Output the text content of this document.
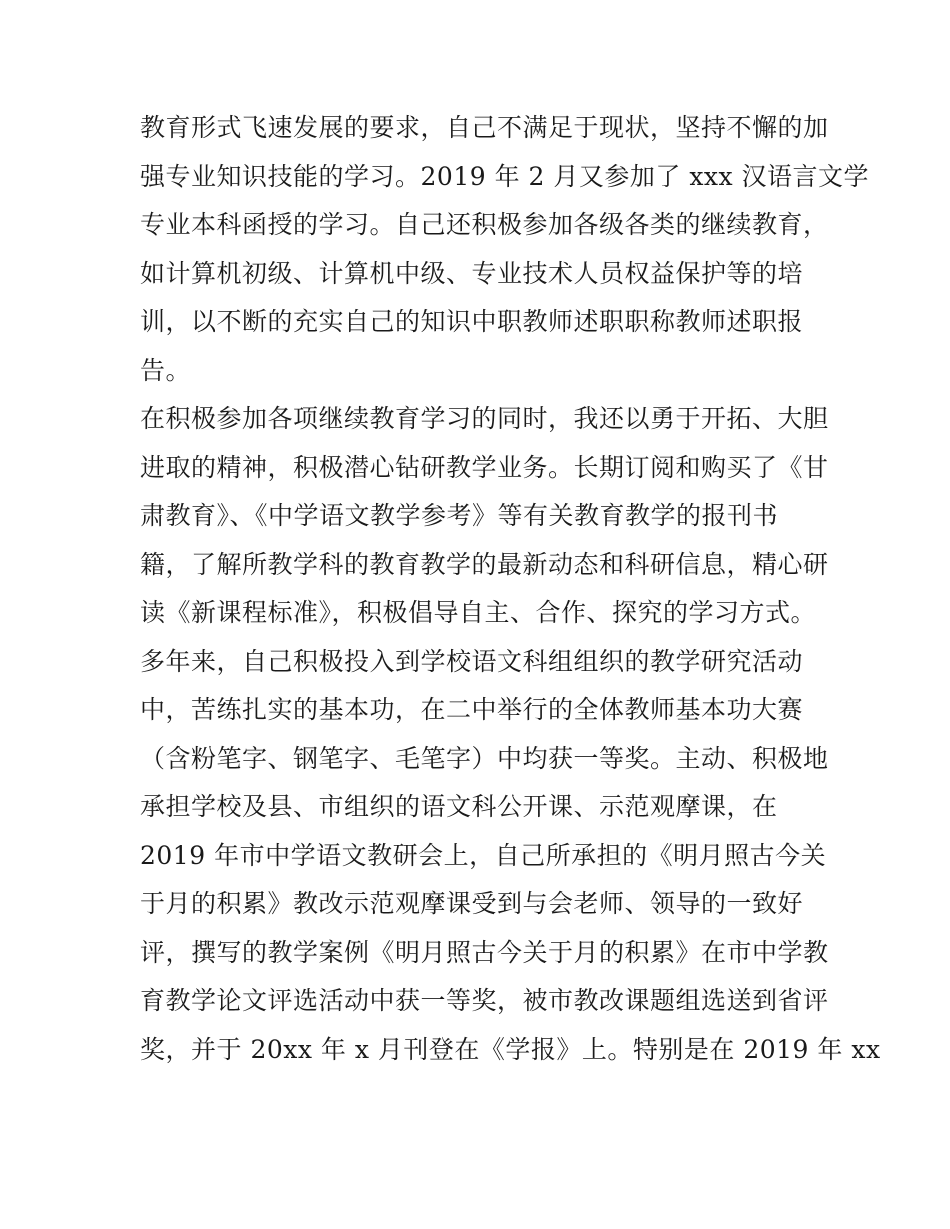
教育形式飞速发展的要求，自己不满足于现状，坚持不懈的加
强专业知识技能的学习。2019 年 2 月又参加了 xxx 汉语言文学
专业本科函授的学习。自己还积极参加各级各类的继续教育，
如计算机初级、计算机中级、专业技术人员权益保护等的培
训，以不断的充实自己的知识中职教师述职职称教师述职报
告。
在积极参加各项继续教育学习的同时，我还以勇于开拓、大胆
进取的精神，积极潜心钻研教学业务。长期订阅和购买了《甘
肃教育》、《中学语文教学参考》等有关教育教学的报刊书
籍，了解所教学科的教育教学的最新动态和科研信息，精心研
读《新课程标准》，积极倡导自主、合作、探究的学习方式。
多年来，自己积极投入到学校语文科组组织的教学研究活动
中，苦练扎实的基本功，在二中举行的全体教师基本功大赛
（含粉笔字、钢笔字、毛笔字）中均获一等奖。主动、积极地
承担学校及县、市组织的语文科公开课、示范观摩课，在
2019 年市中学语文教研会上，自己所承担的《明月照古今关
于月的积累》教改示范观摩课受到与会老师、领导的一致好
评，撰写的教学案例《明月照古今关于月的积累》在市中学教
育教学论文评选活动中获一等奖，被市教改课题组选送到省评
奖，并于 20xx 年 x 月刊登在《学报》上。特别是在 2019 年 xx
